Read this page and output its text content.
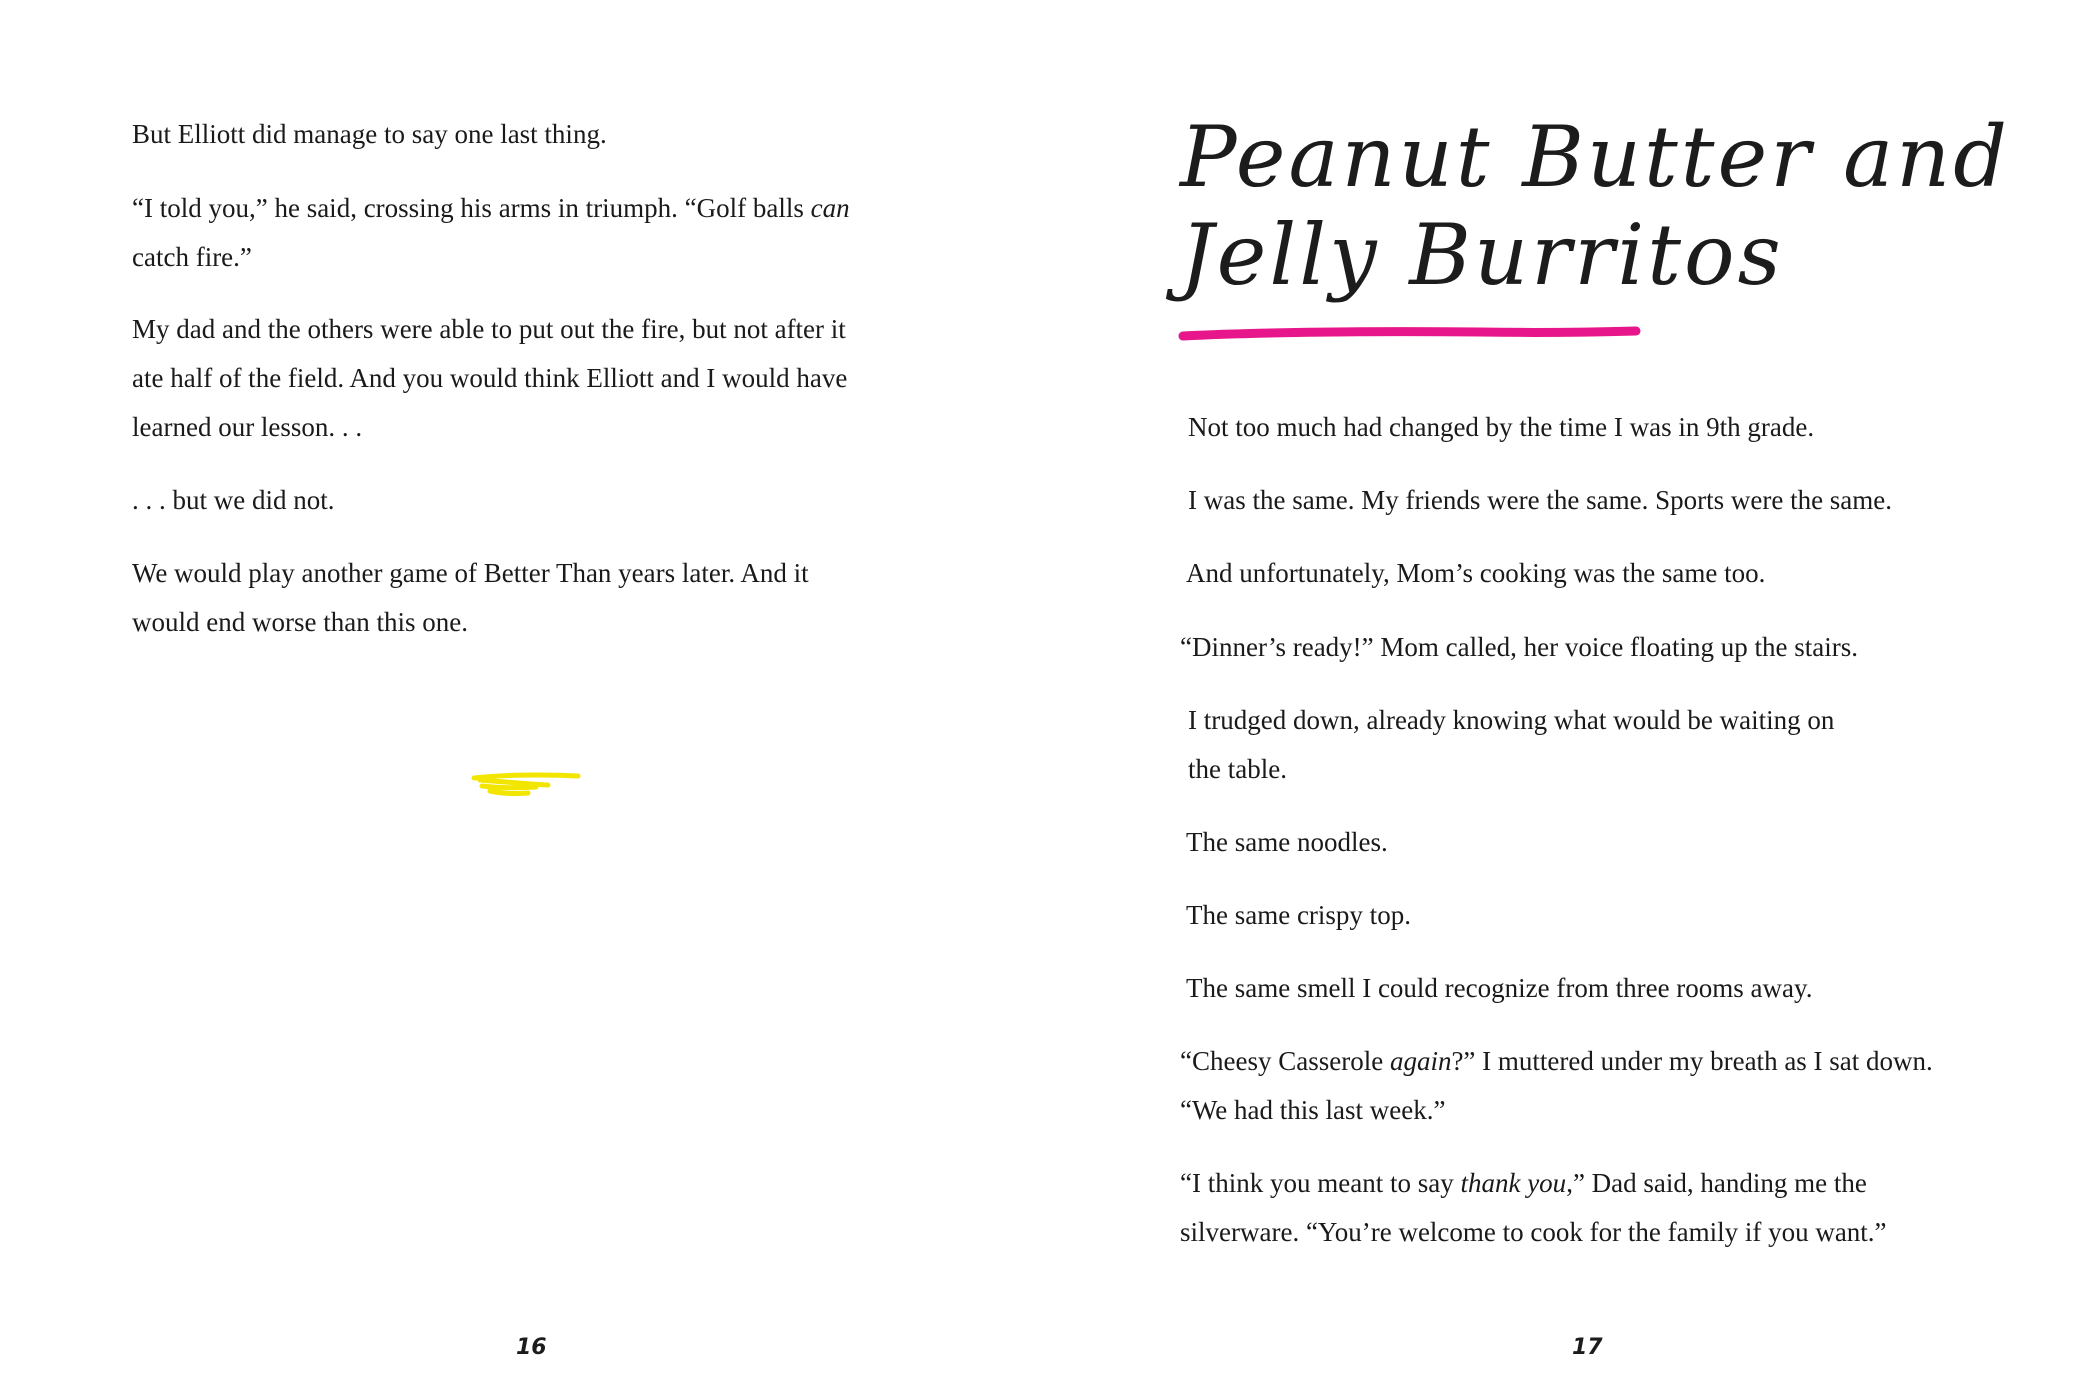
But Elliott did manage to say one last thing.

“I told you,” he said, crossing his arms in triumph. “Golf balls can
catch fire.”

My dad and the others were able to put out the fire, but not after it
ate half of the field. And you would think Elliott and I would have
learned our lesson. . .

. . . but we did not.

We would play another game of Better Than years later. And it
would end worse than this one.

16
Peanut Butter and
Jelly Burritos

Not too much had changed by the time I was in 9th grade.

I was the same. My friends were the same. Sports were the same.

And unfortunately, Mom’s cooking was the same too.

“Dinner’s ready!” Mom called, her voice floating up the stairs.

I trudged down, already knowing what would be waiting on
the table.

The same noodles.

The same crispy top.

The same smell I could recognize from three rooms away.

“Cheesy Casserole again?” I muttered under my breath as I sat down.
“We had this last week.”

“I think you meant to say thank you,” Dad said, handing me the
silverware. “You’re welcome to cook for the family if you want.”

17
